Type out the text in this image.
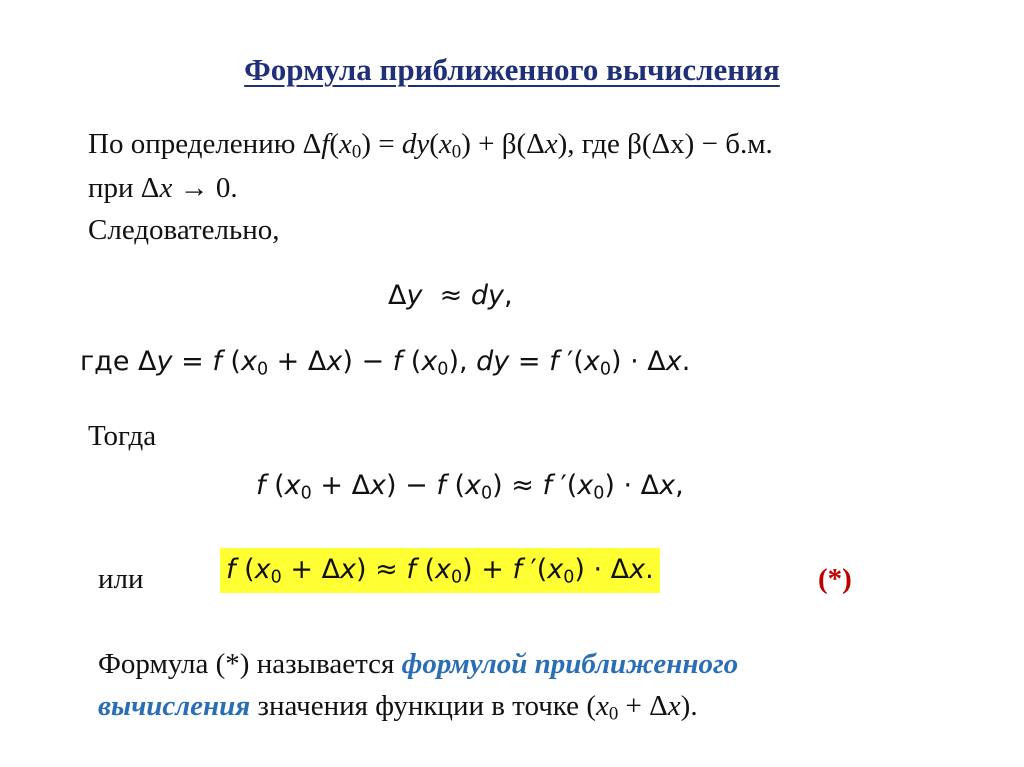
Формула приближенного вычисления
По определению $\Delta f(x_0) = dy(x_0) + \beta(\Delta x)$, где β(Δx) − б.м.
при Δx → 0.
Следовательно,
Δy  ≈ dy,
где Δy = f $(x_0 + \Delta x) - f$ $(x_0)$, dy = f $'(x_0) \cdot \Delta x$.
Тогда
f $(x_0 + \Delta x) - f$ $(x_0) \approx f$ $'(x_0) \cdot \Delta x$,
или	f $(x_0 + \Delta x) \approx f$ $(x_0) + f$ $'(x_0) \cdot \Delta x$.	(*)
Формула (*) называется формулой приближенного
вычисления значения функции в точке $(x_0 + \Delta x)$.
